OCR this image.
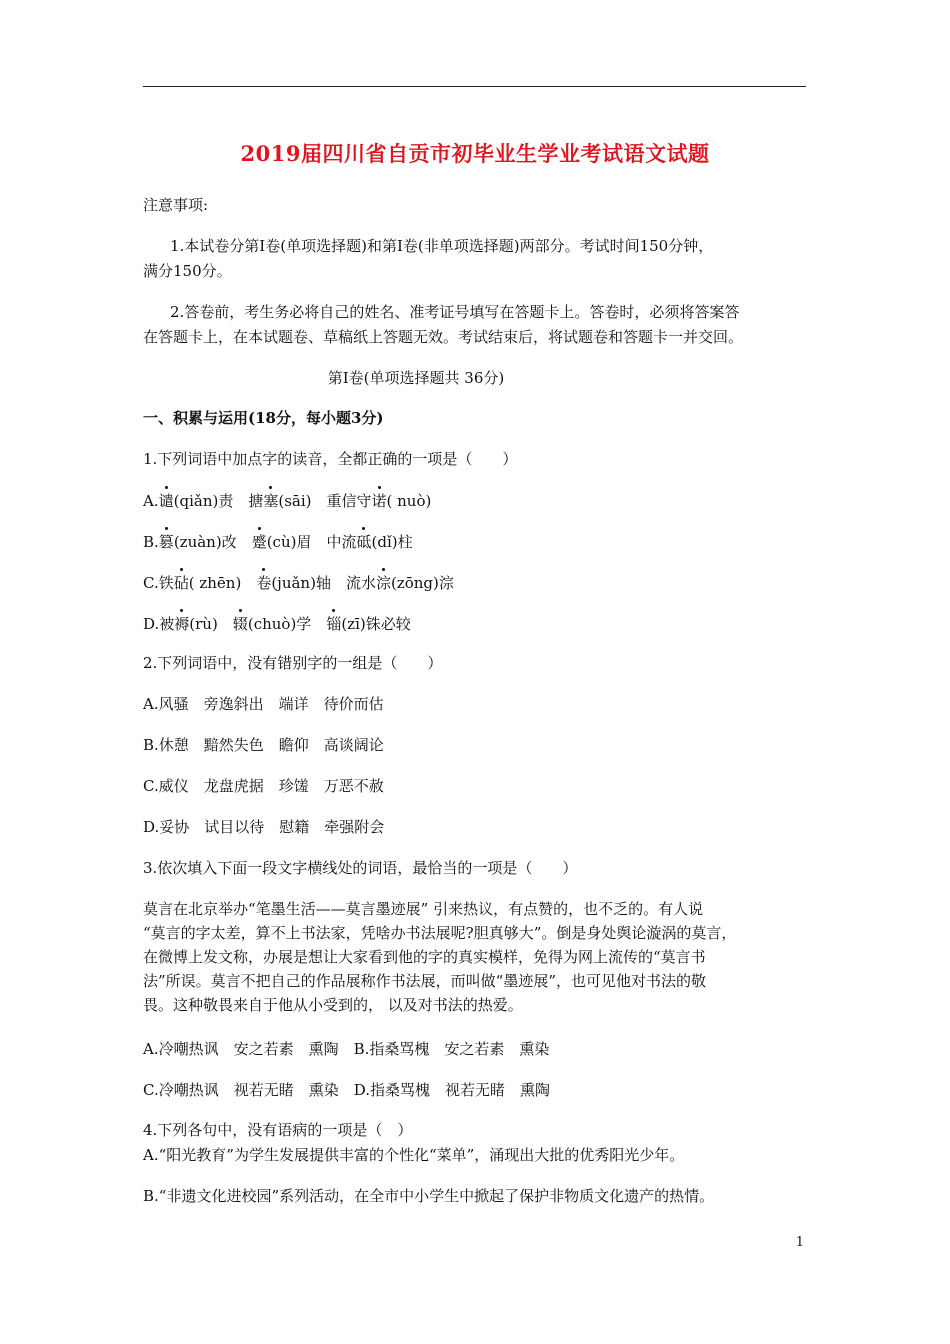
2019届四川省自贡市初毕业生学业考试语文试题
注意事项:
1.本试卷分第Ⅰ卷(单项选择题)和第Ⅰ卷(非单项选择题)两部分。考试时间150分钟，
满分150分。
2.答卷前，考生务必将自己的姓名、准考证号填写在答题卡上。答卷时，必须将答案答
在答题卡上，在本试题卷、草稿纸上答题无效。考试结束后，将试题卷和答题卡一并交回。
第Ⅰ卷(单项选择题共 36分)
一、积累与运用(18分，每小题3分)
1.下列词语中加点字的读音，全都正确的一项是（　　）
A.谴(qiǎn)责　搪塞(sāi)　重信守诺( nuò)
B.篡(zuàn)改　蹙(cù)眉　中流砥(dǐ)柱
C.铁砧( zhēn)　卷(juǎn)轴　流水淙(zōng)淙
D.被褥(rù)　辍(chuò)学　锱(zī)铢必较
2.下列词语中，没有错别字的一组是（　　）
A.风骚　旁逸斜出　端详　待价而估
B.休憩　黯然失色　瞻仰　高谈阔论
C.威仪　龙盘虎据　珍馐　万恶不赦
D.妥协　试目以待　慰籍　牵强附会
3.依次填入下面一段文字横线处的词语，最恰当的一项是（　　）
莫言在北京举办“笔墨生活——莫言墨迹展” 引来热议，有点赞的，也不乏的。有人说
“莫言的字太差，算不上书法家，凭啥办书法展呢?胆真够大”。倒是身处舆论漩涡的莫言，
在微博上发文称，办展是想让大家看到他的字的真实模样，免得为网上流传的“莫言书
法”所误。莫言不把自己的作品展称作书法展，而叫做“墨迹展”，也可见他对书法的敬
畏。这种敬畏来自于他从小受到的， 以及对书法的热爱。
A.冷嘲热讽　安之若素　熏陶　B.指桑骂槐　安之若素　熏染
C.冷嘲热讽　视若无睹　熏染　D.指桑骂槐　视若无睹　熏陶
4.下列各句中，没有语病的一项是（　）
A.“阳光教育”为学生发展提供丰富的个性化“菜单”，涌现出大批的优秀阳光少年。
B.“非遗文化进校园”系列活动，在全市中小学生中掀起了保护非物质文化遗产的热情。
1
